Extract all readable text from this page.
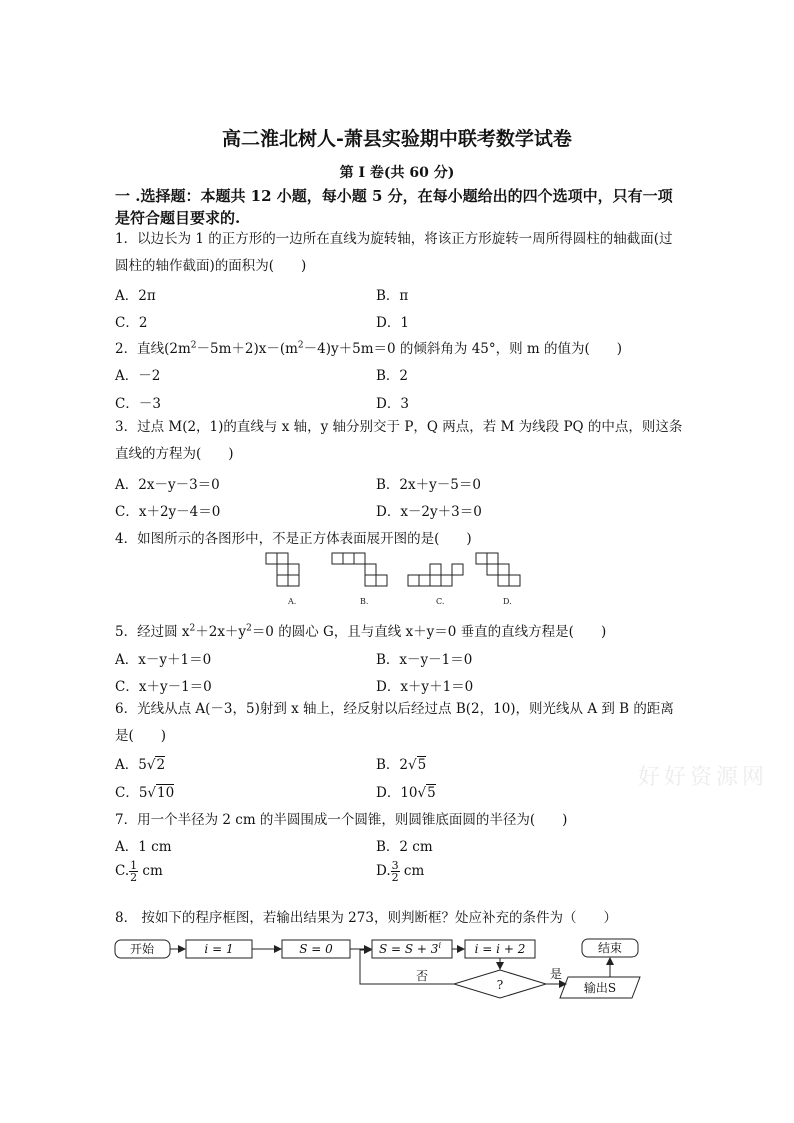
高二淮北树人-萧县实验期中联考数学试卷
第 I 卷(共 60 分)
一 .选择题：本题共 12 小题，每小题 5 分，在每小题给出的四个选项中，只有一项是符合题目要求的.
1．以边长为 1 的正方形的一边所在直线为旋转轴，将该正方形旋转一周所得圆柱的轴截面(过圆柱的轴作截面)的面积为(　　)
A．2π	B．π
C．2	D．1
2．直线$(2m^2-5m+2)x-(m^2-4)y+5m=0$ 的倾斜角为 45°，则 m 的值为(　　)
A．－2	B．2
C．－3	D．3
3．过点 M(2，1)的直线与 x 轴，y 轴分别交于 P，Q 两点，若 M 为线段 PQ 的中点，则这条直线的方程为(　　)
A．2x－y－3＝0	B．2x＋y－5＝0
C．x＋2y－4＝0	D．x－2y＋3＝0
4．如图所示的各图形中，不是正方体表面展开图的是(　　)
A.	B.	C.	D.
5．经过圆 $x^2+2x+y^2=0$ 的圆心 G，且与直线 x＋y＝0 垂直的直线方程是(　　)
A．x－y＋1＝0	B．x－y－1＝0
C．x＋y－1＝0	D．x＋y＋1＝0
6．光线从点 A(－3，5)射到 x 轴上，经反射以后经过点 B(2，10)，则光线从 A 到 B 的距离是(　　)
A．5√2	B．2√5
C．5√10	D．10√5
好好资源网
7．用一个半径为 2 cm 的半圆围成一个圆锥，则圆锥底面圆的半径为(　　)
A．1 cm	B．2 cm
C. $\frac{1}{2}$ cm	D. $\frac{3}{2}$ cm
8． 按如下的程序框图，若输出结果为 273，则判断框？处应补充的条件为（　　）
开始	i = 1	S = 0	$S = S + 3^i$	i = i + 2
?
否	是
输出S
结束
